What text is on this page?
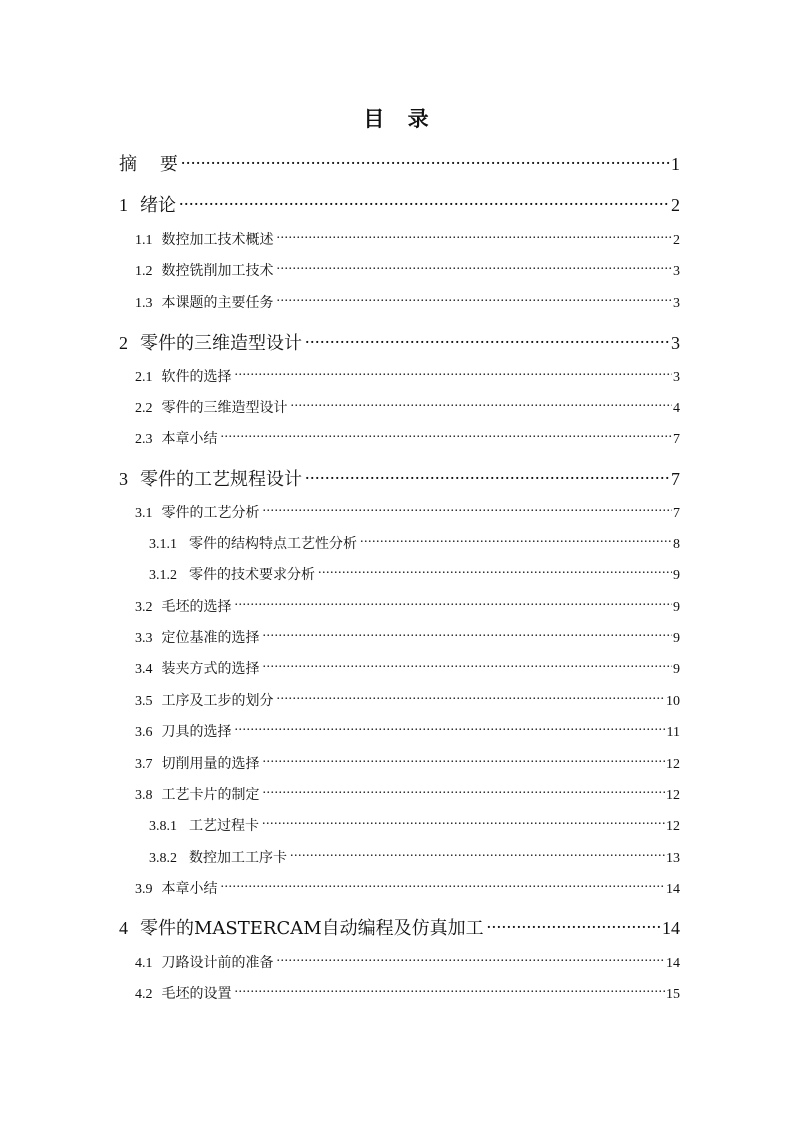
目 录
摘    要 .....	1
1 绪论 .....	2
1.1 数控加工技术概述 .....	2
1.2 数控铣削加工技术 .....	3
1.3 本课题的主要任务 .....	3
2 零件的三维造型设计 .....	3
2.1 软件的选择 .....	3
2.2 零件的三维造型设计 .....	4
2.3 本章小结 .....	7
3 零件的工艺规程设计 .....	7
3.1 零件的工艺分析 .....	7
3.1.1 零件的结构特点工艺性分析 .....	8
3.1.2 零件的技术要求分析 .....	9
3.2 毛坯的选择 .....	9
3.3 定位基准的选择 .....	9
3.4 装夹方式的选择 .....	9
3.5 工序及工步的划分 .....	10
3.6 刀具的选择 .....	11
3.7 切削用量的选择 .....	12
3.8 工艺卡片的制定 .....	12
3.8.1 工艺过程卡 .....	12
3.8.2 数控加工工序卡 .....	13
3.9 本章小结 .....	14
4 零件的MASTERCAM自动编程及仿真加工 .....	14
4.1 刀路设计前的准备 .....	14
4.2 毛坯的设置 .....	15
